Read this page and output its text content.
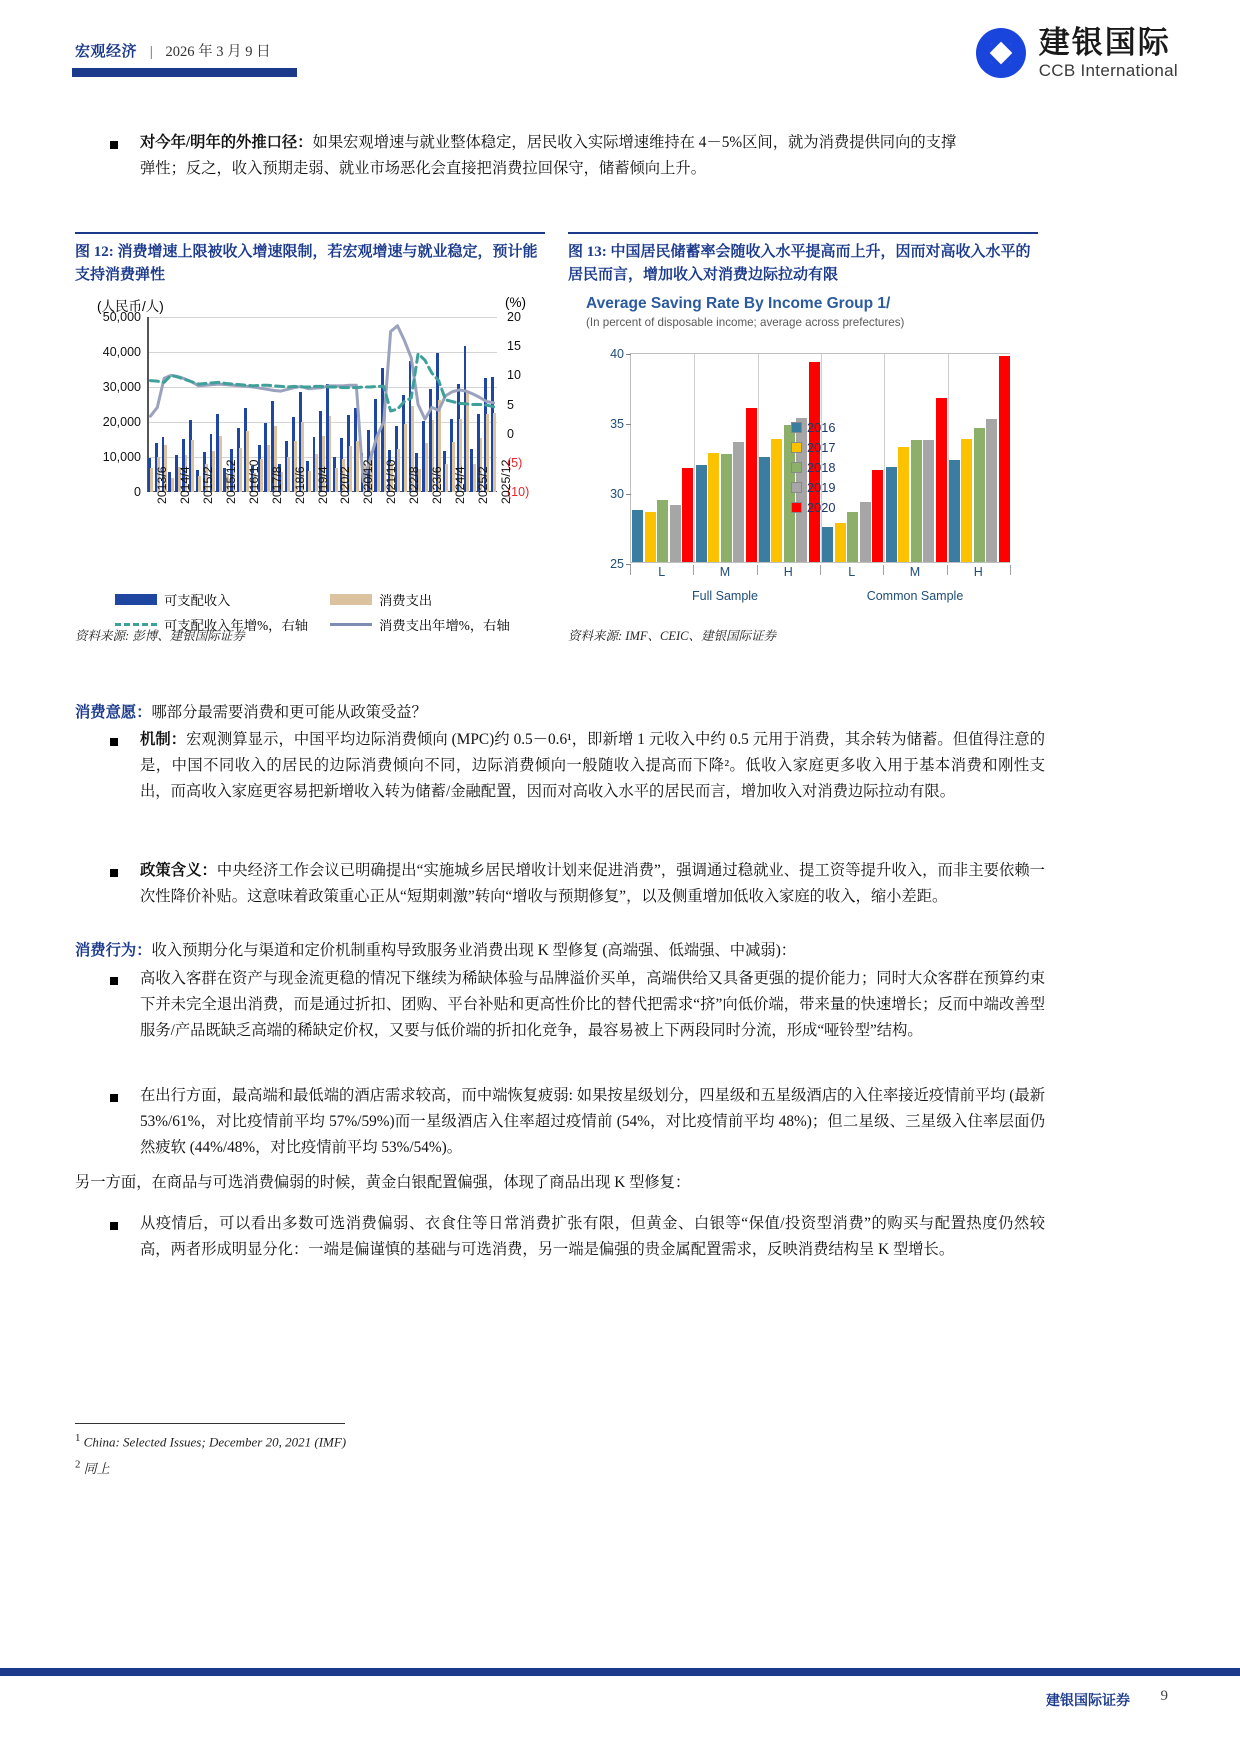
宏观经济 | 2026 年 3 月 9 日	建银国际
CCB International
对今年/明年的外推口径：如果宏观增速与就业整体稳定，居民收入实际增速维持在 4－5%区间，就为消费提供同向的支撑
弹性；反之，收入预期走弱、就业市场恶化会直接把消费拉回保守，储蓄倾向上升。
图 12: 消费增速上限被收入增速限制，若宏观增速与就业稳定，预计能支持消费弹性
(人民币/人)	(%)
50,000
40,000
30,000
20,000
10,000
0
20
15
10
5
0
(5)
(10)
2013/6 2014/4 2015/2 2015/12 2016/10 2017/8 2018/6 2019/4 2020/2 2020/12 2021/10 2022/8 2023/6 2024/4 2025/2 2025/12
可支配收入	消费支出
可支配收入年增%，右轴	消费支出年增%，右轴
资料来源: 彭博、建银国际证券
图 13: 中国居民储蓄率会随收入水平提高而上升，因而对高收入水平的居民而言，增加收入对消费边际拉动有限
Average Saving Rate By Income Group 1/
(In percent of disposable income; average across prefectures)
40
35
30
25
2016
2017
2018
2019
2020
L	M	H	L	M	H
Full Sample	Common Sample
资料来源: IMF、CEIC、建银国际证券
消费意愿：哪部分最需要消费和更可能从政策受益？
机制：宏观测算显示，中国平均边际消费倾向 (MPC)约 0.5－0.6¹，即新增 1 元收入中约 0.5 元用于消费，其余转为储蓄。但值得注意的是，中国不同收入的居民的边际消费倾向不同，边际消费倾向一般随收入提高而下降²。低收入家庭更多收入用于基本消费和刚性支出，而高收入家庭更容易把新增收入转为储蓄/金融配置，因而对高收入水平的居民而言，增加收入对消费边际拉动有限。
政策含义：中央经济工作会议已明确提出“实施城乡居民增收计划来促进消费”，强调通过稳就业、提工资等提升收入，而非主要依赖一次性降价补贴。这意味着政策重心正从“短期刺激”转向“增收与预期修复”，以及侧重增加低收入家庭的收入，缩小差距。
消费行为：收入预期分化与渠道和定价机制重构导致服务业消费出现 K 型修复 (高端强、低端强、中减弱)：
高收入客群在资产与现金流更稳的情况下继续为稀缺体验与品牌溢价买单，高端供给又具备更强的提价能力；同时大众客群在预算约束下并未完全退出消费，而是通过折扣、团购、平台补贴和更高性价比的替代把需求“挤”向低价端，带来量的快速增长；反而中端改善型服务/产品既缺乏高端的稀缺定价权，又要与低价端的折扣化竞争，最容易被上下两段同时分流，形成“哑铃型”结构。
在出行方面，最高端和最低端的酒店需求较高，而中端恢复疲弱: 如果按星级划分，四星级和五星级酒店的入住率接近疫情前平均 (最新 53%/61%，对比疫情前平均 57%/59%)而一星级酒店入住率超过疫情前 (54%，对比疫情前平均 48%)；但二星级、三星级入住率层面仍然疲软 (44%/48%，对比疫情前平均 53%/54%)。
另一方面，在商品与可选消费偏弱的时候，黄金白银配置偏强，体现了商品出现 K 型修复：
从疫情后，可以看出多数可选消费偏弱、衣食住等日常消费扩张有限，但黄金、白银等“保值/投资型消费”的购买与配置热度仍然较高，两者形成明显分化：一端是偏谨慎的基础与可选消费，另一端是偏强的贵金属配置需求，反映消费结构呈 K 型增长。
$^1$ China: Selected Issues; December 20, 2021 (IMF)
$^2$ 同上
建银国际证券 9
